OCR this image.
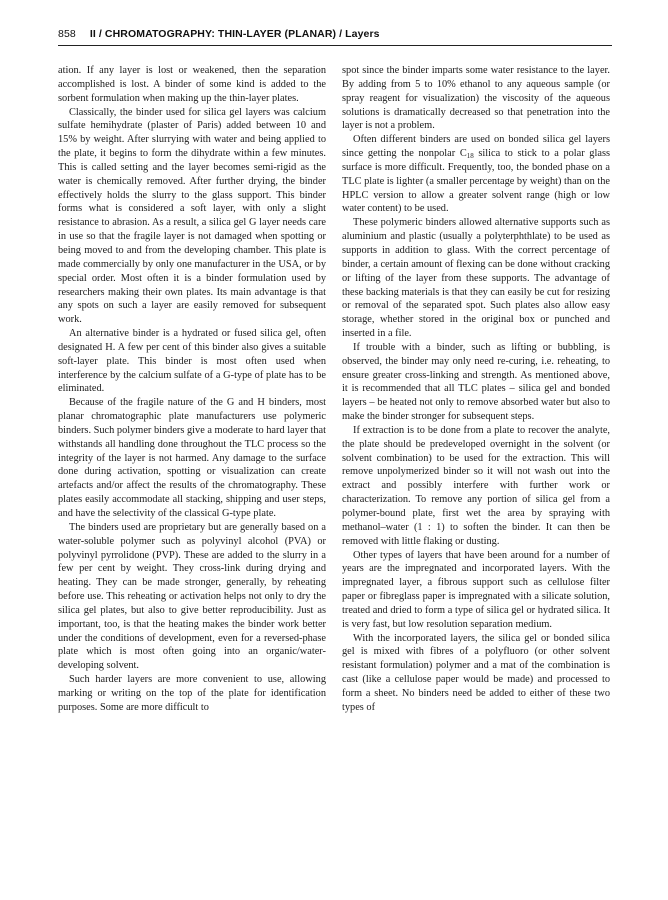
858 II / CHROMATOGRAPHY: THIN-LAYER (PLANAR) / Layers

ation. If any layer is lost or weakened, then the separation accomplished is lost. A binder of some kind is added to the sorbent formulation when making up the thin-layer plates.

Classically, the binder used for silica gel layers was calcium sulfate hemihydrate (plaster of Paris) added between 10 and 15% by weight. After slurrying with water and being applied to the plate, it begins to form the dihydrate within a few minutes. This is called setting and the layer becomes semi-rigid as the water is chemically removed. After further drying, the binder effectively holds the slurry to the glass support. This binder forms what is considered a soft layer, with only a slight resistance to abrasion. As a result, a silica gel G layer needs care in use so that the fragile layer is not damaged when spotting or being moved to and from the developing chamber. This plate is made commercially by only one manufacturer in the USA, or by special order. Most often it is a binder formulation used by researchers making their own plates. Its main advantage is that any spots on such a layer are easily removed for subsequent work.

An alternative binder is a hydrated or fused silica gel, often designated H. A few per cent of this binder also gives a suitable soft-layer plate. This binder is most often used when interference by the calcium sulfate of a G-type of plate has to be eliminated.

Because of the fragile nature of the G and H binders, most planar chromatographic plate manufacturers use polymeric binders. Such polymer binders give a moderate to hard layer that withstands all handling done throughout the TLC process so the integrity of the layer is not harmed. Any damage to the surface done during activation, spotting or visualization can create artefacts and/or affect the results of the chromatography. These plates easily accommodate all stacking, shipping and user steps, and have the selectivity of the classical G-type plate.

The binders used are proprietary but are generally based on a water-soluble polymer such as polyvinyl alcohol (PVA) or polyvinyl pyrrolidone (PVP). These are added to the slurry in a few per cent by weight. They cross-link during drying and heating. They can be made stronger, generally, by reheating before use. This reheating or activation helps not only to dry the silica gel plates, but also to give better reproducibility. Just as important, too, is that the heating makes the binder work better under the conditions of development, even for a reversed-phase plate which is most often going into an organic/water-developing solvent.

Such harder layers are more convenient to use, allowing marking or writing on the top of the plate for identification purposes. Some are more difficult to

spot since the binder imparts some water resistance to the layer. By adding from 5 to 10% ethanol to any aqueous sample (or spray reagent for visualization) the viscosity of the aqueous solutions is dramatically decreased so that penetration into the layer is not a problem.

Often different binders are used on bonded silica gel layers since getting the nonpolar $C_{18}$ silica to stick to a polar glass surface is more difficult. Frequently, too, the bonded phase on a TLC plate is lighter (a smaller percentage by weight) than on the HPLC version to allow a greater solvent range (high or low water content) to be used.

These polymeric binders allowed alternative supports such as aluminium and plastic (usually a polyterphthlate) to be used as supports in addition to glass. With the correct percentage of binder, a certain amount of flexing can be done without cracking or lifting of the layer from these supports. The advantage of these backing materials is that they can easily be cut for resizing or removal of the separated spot. Such plates also allow easy storage, whether stored in the original box or punched and inserted in a file.

If trouble with a binder, such as lifting or bubbling, is observed, the binder may only need re-curing, i.e. reheating, to ensure greater cross-linking and strength. As mentioned above, it is recommended that all TLC plates – silica gel and bonded layers – be heated not only to remove absorbed water but also to make the binder stronger for subsequent steps.

If extraction is to be done from a plate to recover the analyte, the plate should be predeveloped overnight in the solvent (or solvent combination) to be used for the extraction. This will remove unpolymerized binder so it will not wash out into the extract and possibly interfere with further work or characterization. To remove any portion of silica gel from a polymer-bound plate, first wet the area by spraying with methanol–water (1 : 1) to soften the binder. It can then be removed with little flaking or dusting.

Other types of layers that have been around for a number of years are the impregnated and incorporated layers. With the impregnated layer, a fibrous support such as cellulose filter paper or fibreglass paper is impregnated with a silicate solution, treated and dried to form a type of silica gel or hydrated silica. It is very fast, but low resolution separation medium.

With the incorporated layers, the silica gel or bonded silica gel is mixed with fibres of a polyfluoro (or other solvent resistant formulation) polymer and a mat of the combination is cast (like a cellulose paper would be made) and processed to form a sheet. No binders need be added to either of these two types of
